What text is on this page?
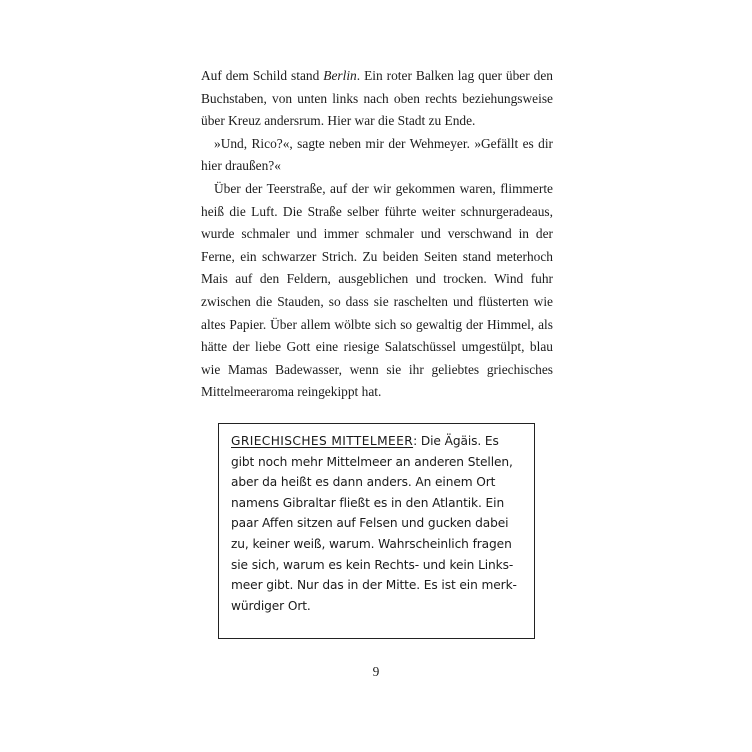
Auf dem Schild stand Berlin. Ein roter Balken lag quer über den Buchstaben, von unten links nach oben rechts beziehungsweise über Kreuz andersrum. Hier war die Stadt zu Ende.

»Und, Rico?«, sagte neben mir der Wehmeyer. »Gefällt es dir hier draußen?«

Über der Teerstraße, auf der wir gekommen waren, flimmerte heiß die Luft. Die Straße selber führte weiter schnurgeradeaus, wurde schmaler und immer schmaler und verschwand in der Ferne, ein schwarzer Strich. Zu beiden Seiten stand meterhoch Mais auf den Feldern, ausgeblichen und trocken. Wind fuhr zwischen die Stauden, so dass sie raschelten und flüsterten wie altes Papier. Über allem wölbte sich so gewaltig der Himmel, als hätte der liebe Gott eine riesige Salatschüssel umgestülpt, blau wie Mamas Badewasser, wenn sie ihr geliebtes griechisches Mittelmeeraroma reingekippt hat.

GRIECHISCHES MITTELMEER: Die Ägäis. Es
gibt noch mehr Mittelmeer an anderen Stellen,
aber da heißt es dann anders. An einem Ort
namens Gibraltar fließt es in den Atlantik. Ein
paar Affen sitzen auf Felsen und gucken dabei
zu, keiner weiß, warum. Wahrscheinlich fragen
sie sich, warum es kein Rechts- und kein Links-
meer gibt. Nur das in der Mitte. Es ist ein merk-
würdiger Ort.
9
